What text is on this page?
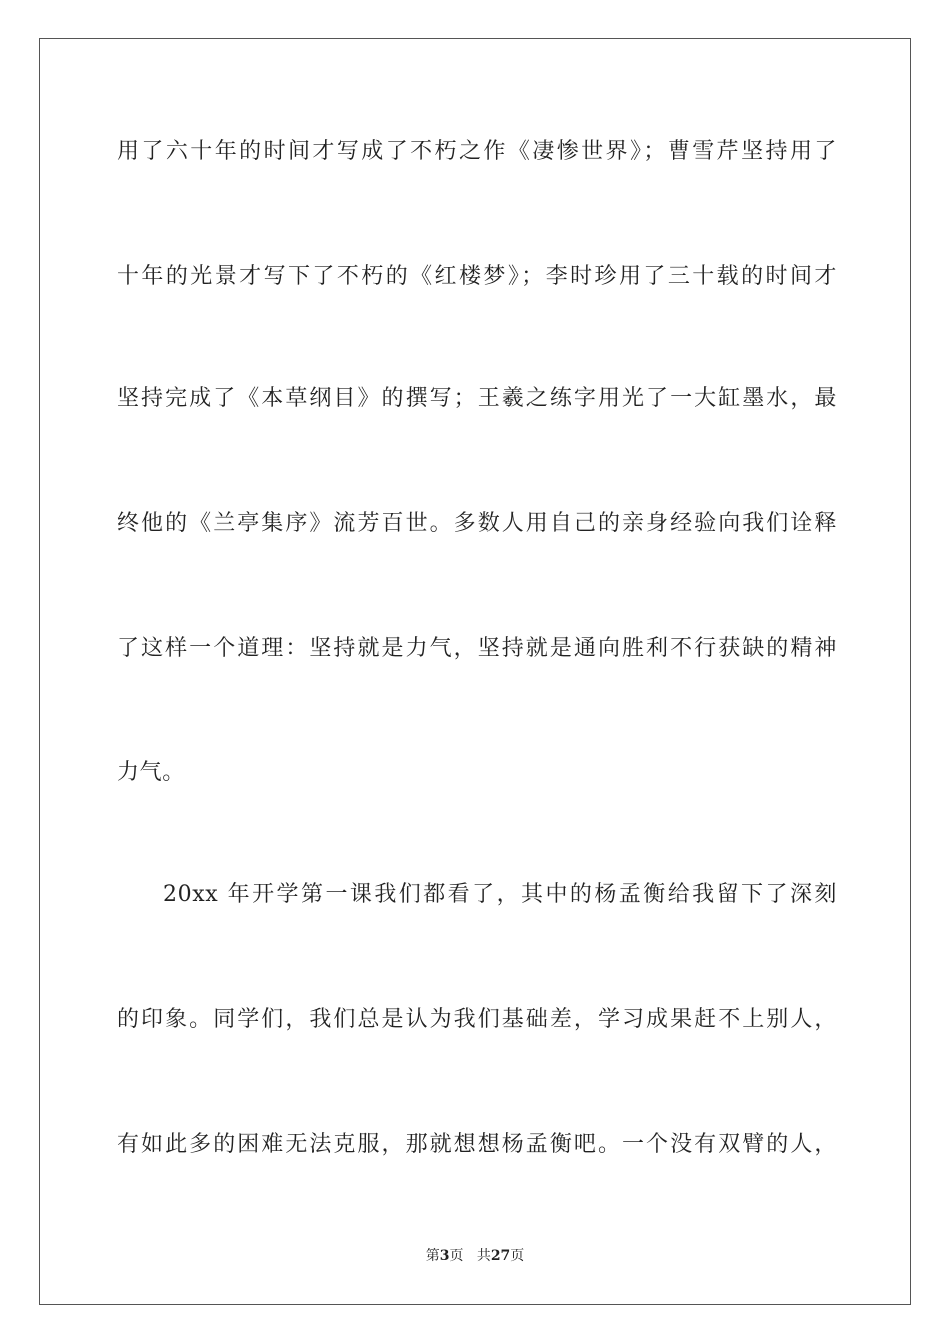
用了六十年的时间才写成了不朽之作《凄惨世界》；曹雪芹坚持用了
十年的光景才写下了不朽的《红楼梦》；李时珍用了三十载的时间才
坚持完成了《本草纲目》的撰写；王羲之练字用光了一大缸墨水，最
终他的《兰亭集序》流芳百世。多数人用自己的亲身经验向我们诠释
了这样一个道理：坚持就是力气，坚持就是通向胜利不行获缺的精神
力气。
20xx 年开学第一课我们都看了，其中的杨孟衡给我留下了深刻
的印象。同学们，我们总是认为我们基础差，学习成果赶不上别人，
有如此多的困难无法克服，那就想想杨孟衡吧。一个没有双臂的人，
第3页 共27页
